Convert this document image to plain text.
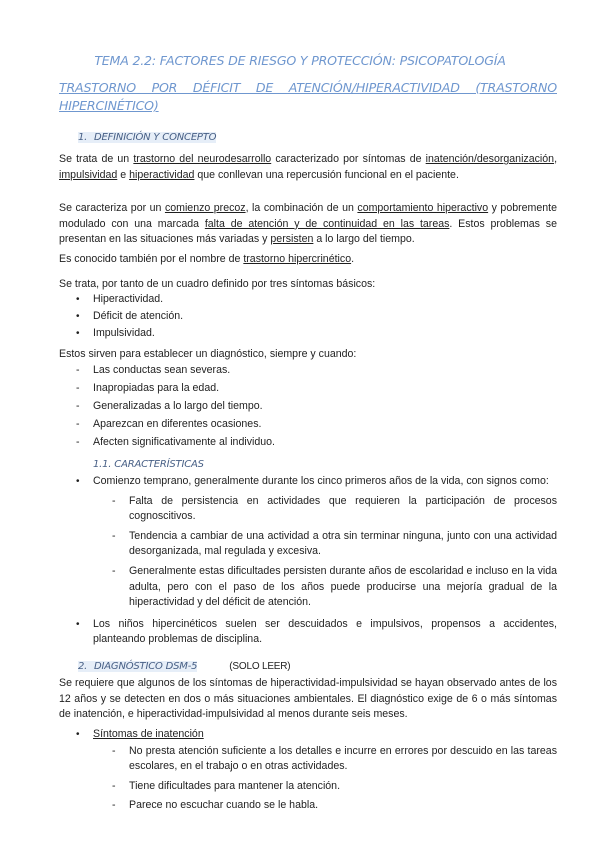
TEMA 2.2: FACTORES DE RIESGO Y PROTECCIÓN: PSICOPATOLOGÍA
TRASTORNO POR DÉFICIT DE ATENCIÓN/HIPERACTIVIDAD (TRASTORNO
HIPERCINÉTICO)
1. DEFINICIÓN Y CONCEPTO
Se trata de un trastorno del neurodesarrollo caracterizado por síntomas de inatención/desorganización, impulsividad e hiperactividad que conllevan una repercusión funcional en el paciente.
Se caracteriza por un comienzo precoz, la combinación de un comportamiento hiperactivo y pobremente modulado con una marcada falta de atención y de continuidad en las tareas. Estos problemas se presentan en las situaciones más variadas y persisten a lo largo del tiempo.
Es conocido también por el nombre de trastorno hipercrinético.
Se trata, por tanto de un cuadro definido por tres síntomas básicos:
• Hiperactividad.
• Déficit de atención.
• Impulsividad.
Estos sirven para establecer un diagnóstico, siempre y cuando:
- Las conductas sean severas.
- Inapropiadas para la edad.
- Generalizadas a lo largo del tiempo.
- Aparezcan en diferentes ocasiones.
- Afecten significativamente al individuo.
1.1. CARACTERÍSTICAS
• Comienzo temprano, generalmente durante los cinco primeros años de la vida, con signos como:
- Falta de persistencia en actividades que requieren la participación de procesos cognoscitivos.
- Tendencia a cambiar de una actividad a otra sin terminar ninguna, junto con una actividad desorganizada, mal regulada y excesiva.
- Generalmente estas dificultades persisten durante años de escolaridad e incluso en la vida adulta, pero con el paso de los años puede producirse una mejoría gradual de la hiperactividad y del déficit de atención.
• Los niños hipercinéticos suelen ser descuidados e impulsivos, propensos a accidentes, planteando problemas de disciplina.
2. DIAGNÓSTICO DSM-5	(SOLO LEER)
Se requiere que algunos de los síntomas de hiperactividad-impulsividad se hayan observado antes de los 12 años y se detecten en dos o más situaciones ambientales. El diagnóstico exige de 6 o más síntomas de inatención, e hiperactividad-impulsividad al menos durante seis meses.
• Síntomas de inatención
- No presta atención suficiente a los detalles e incurre en errores por descuido en las tareas escolares, en el trabajo o en otras actividades.
- Tiene dificultades para mantener la atención.
- Parece no escuchar cuando se le habla.
